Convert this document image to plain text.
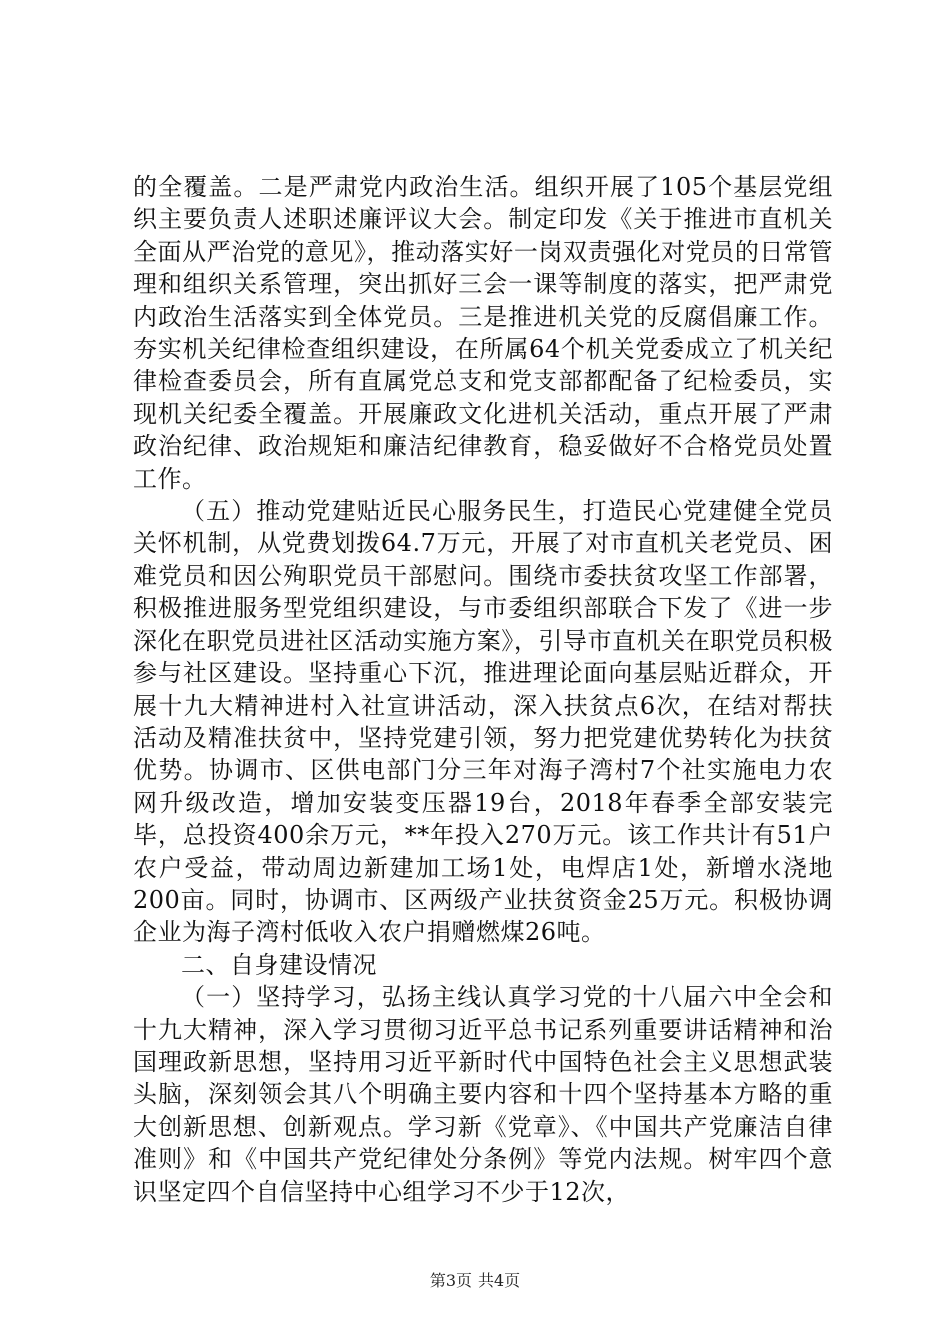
的全覆盖。二是严肃党内政治生活。组织开展了105个基层党组织主要负责人述职述廉评议大会。制定印发《关于推进市直机关全面从严治党的意见》，推动落实好一岗双责强化对党员的日常管理和组织关系管理，突出抓好三会一课等制度的落实，把严肃党内政治生活落实到全体党员。三是推进机关党的反腐倡廉工作。夯实机关纪律检查组织建设，在所属64个机关党委成立了机关纪律检查委员会，所有直属党总支和党支部都配备了纪检委员，实现机关纪委全覆盖。开展廉政文化进机关活动，重点开展了严肃政治纪律、政治规矩和廉洁纪律教育，稳妥做好不合格党员处置工作。

（五）推动党建贴近民心服务民生，打造民心党建健全党员关怀机制，从党费划拨64.7万元，开展了对市直机关老党员、困难党员和因公殉职党员干部慰问。围绕市委扶贫攻坚工作部署，积极推进服务型党组织建设，与市委组织部联合下发了《进一步深化在职党员进社区活动实施方案》，引导市直机关在职党员积极参与社区建设。坚持重心下沉，推进理论面向基层贴近群众，开展十九大精神进村入社宣讲活动，深入扶贫点6次，在结对帮扶活动及精准扶贫中，坚持党建引领，努力把党建优势转化为扶贫优势。协调市、区供电部门分三年对海子湾村7个社实施电力农网升级改造，增加安装变压器19台，2018年春季全部安装完毕，总投资400余万元，**年投入270万元。该工作共计有51户农户受益，带动周边新建加工场1处，电焊店1处，新增水浇地200亩。同时，协调市、区两级产业扶贫资金25万元。积极协调企业为海子湾村低收入农户捐赠燃煤26吨。

二、自身建设情况

（一）坚持学习，弘扬主线认真学习党的十八届六中全会和十九大精神，深入学习贯彻习近平总书记系列重要讲话精神和治国理政新思想，坚持用习近平新时代中国特色社会主义思想武装头脑，深刻领会其八个明确主要内容和十四个坚持基本方略的重大创新思想、创新观点。学习新《党章》、《中国共产党廉洁自律准则》和《中国共产党纪律处分条例》等党内法规。树牢四个意识坚定四个自信坚持中心组学习不少于12次，

第3页 共4页
